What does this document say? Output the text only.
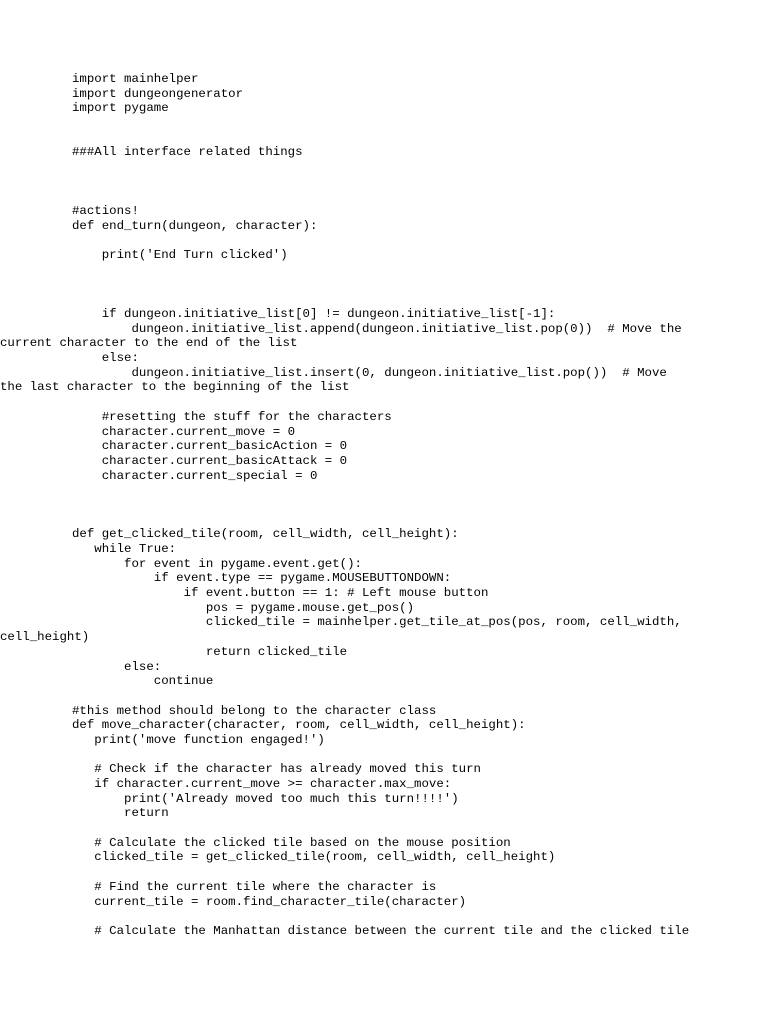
import mainhelper
import dungeongenerator
import pygame
###All interface related things
#actions!
def end_turn(dungeon, character):
print('End Turn clicked')
if dungeon.initiative_list[0] != dungeon.initiative_list[-1]:
dungeon.initiative_list.append(dungeon.initiative_list.pop(0))  # Move the
current character to the end of the list
else:
dungeon.initiative_list.insert(0, dungeon.initiative_list.pop())  # Move
the last character to the beginning of the list
#resetting the stuff for the characters
character.current_move = 0
character.current_basicAction = 0
character.current_basicAttack = 0
character.current_special = 0
def get_clicked_tile(room, cell_width, cell_height):
while True:
for event in pygame.event.get():
if event.type == pygame.MOUSEBUTTONDOWN:
if event.button == 1: # Left mouse button
pos = pygame.mouse.get_pos()
clicked_tile = mainhelper.get_tile_at_pos(pos, room, cell_width,
cell_height)
return clicked_tile
else:
continue
#this method should belong to the character class
def move_character(character, room, cell_width, cell_height):
print('move function engaged!')
# Check if the character has already moved this turn
if character.current_move >= character.max_move:
print('Already moved too much this turn!!!!')
return
# Calculate the clicked tile based on the mouse position
clicked_tile = get_clicked_tile(room, cell_width, cell_height)
# Find the current tile where the character is
current_tile = room.find_character_tile(character)
# Calculate the Manhattan distance between the current tile and the clicked tile
